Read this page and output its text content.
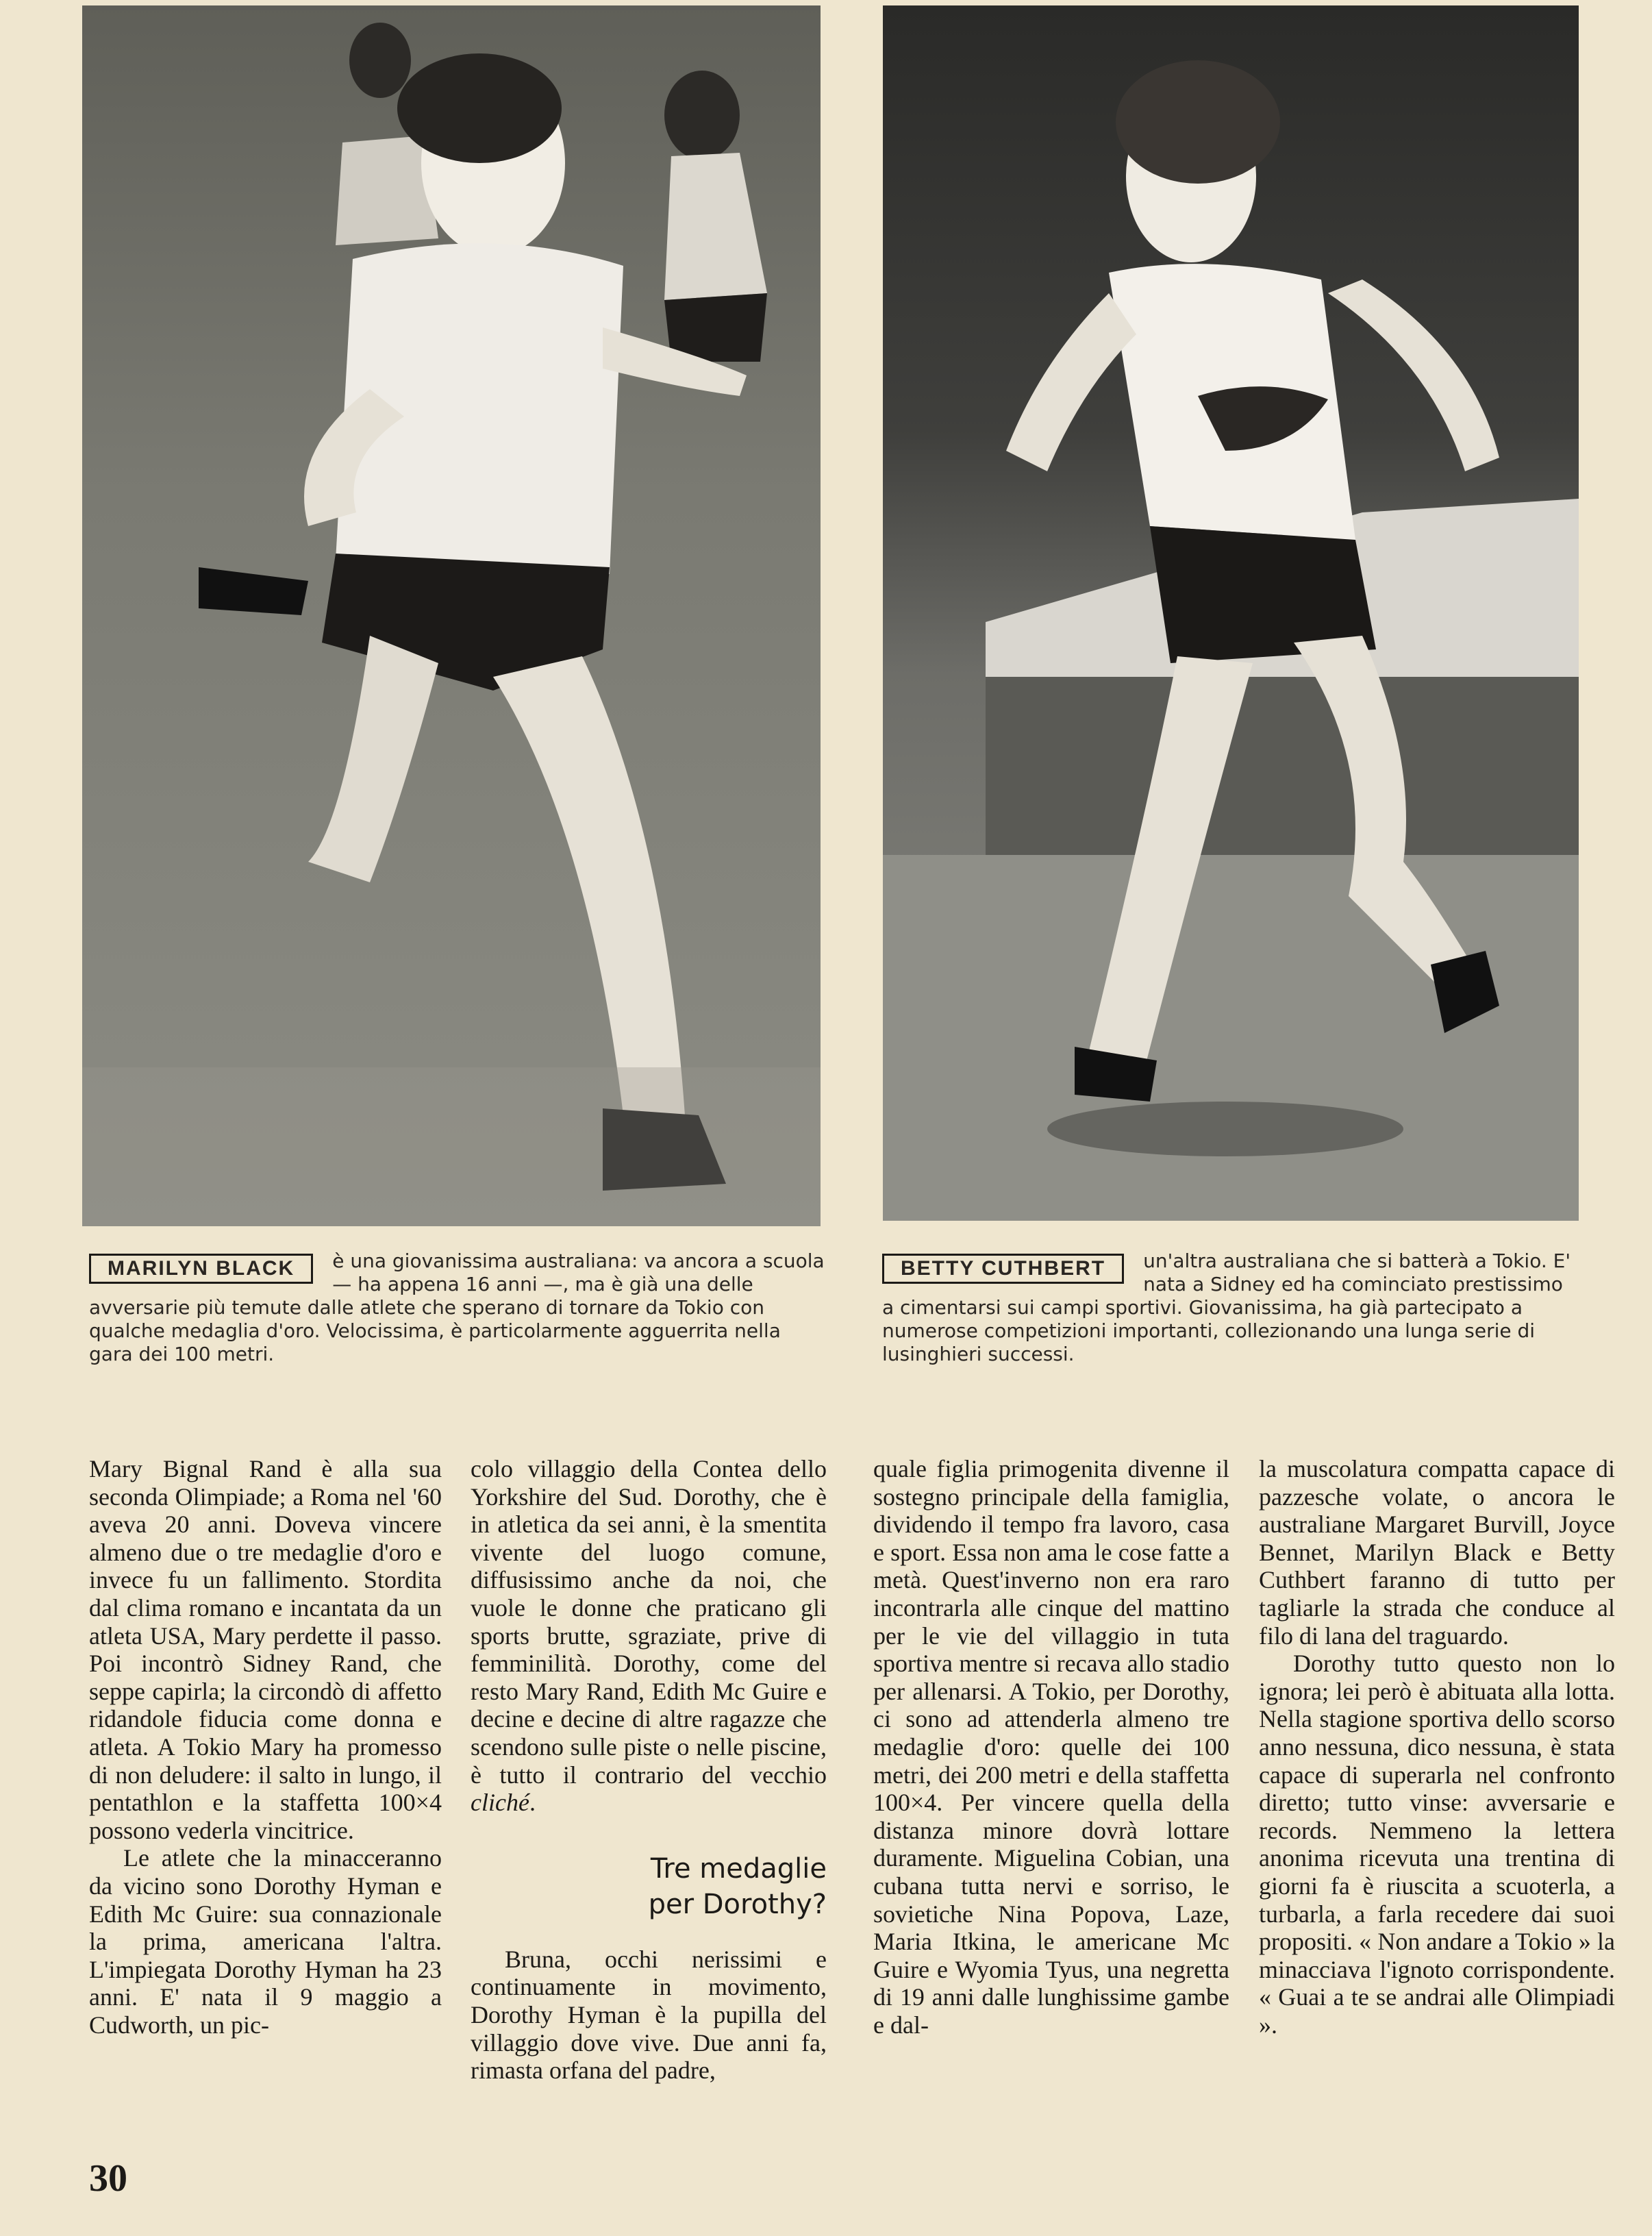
MARILYN BLACK	è una giovanissima australiana: va ancora a scuola — ha appena 16 anni —, ma è già una delle avversarie più temute dalle atlete che sperano di tornare da Tokio con qualche medaglia d'oro. Velocissima, è particolarmente agguerrita nella gara dei 100 metri.
BETTY CUTHBERT	un'altra australiana che si batterà a Tokio. E' nata a Sidney ed ha cominciato prestissimo a cimentarsi sui campi sportivi. Giovanissima, ha già partecipato a numerose competizioni importanti, collezionando una lunga serie di lusinghieri successi.

Mary Bignal Rand è alla sua seconda Olimpiade; a Roma nel '60 aveva 20 anni. Doveva vincere almeno due o tre medaglie d'oro e invece fu un fallimento. Stordita dal clima romano e incantata da un atleta USA, Mary perdette il passo. Poi incontrò Sidney Rand, che seppe capirla; la circondò di affetto ridandole fiducia come donna e atleta. A Tokio Mary ha promesso di non deludere: il salto in lungo, il pentathlon e la staffetta 100×4 possono vederla vincitrice.

Le atlete che la minacceranno da vicino sono Dorothy Hyman e Edith Mc Guire: sua connazionale la prima, americana l'altra. L'impiegata Dorothy Hyman ha 23 anni. E' nata il 9 maggio a Cudworth, un pic-

colo villaggio della Contea dello Yorkshire del Sud. Dorothy, che è in atletica da sei anni, è la smentita vivente del luogo comune, diffusissimo anche da noi, che vuole le donne che praticano gli sports brutte, sgraziate, prive di femminilità. Dorothy, come del resto Mary Rand, Edith Mc Guire e decine e decine di altre ragazze che scendono sulle piste o nelle piscine, è tutto il contrario del vecchio cliché.

Tre medaglie
per Dorothy?

Bruna, occhi nerissimi e continuamente in movimento, Dorothy Hyman è la pupilla del villaggio dove vive. Due anni fa, rimasta orfana del padre,

quale figlia primogenita divenne il sostegno principale della famiglia, dividendo il tempo fra lavoro, casa e sport. Essa non ama le cose fatte a metà. Quest'inverno non era raro incontrarla alle cinque del mattino per le vie del villaggio in tuta sportiva mentre si recava allo stadio per allenarsi. A Tokio, per Dorothy, ci sono ad attenderla almeno tre medaglie d'oro: quelle dei 100 metri, dei 200 metri e della staffetta 100×4. Per vincere quella della distanza minore dovrà lottare duramente. Miguelina Cobian, una cubana tutta nervi e sorriso, le sovietiche Nina Popova, Laze, Maria Itkina, le americane Mc Guire e Wyomia Tyus, una negretta di 19 anni dalle lunghissime gambe e dal-

la muscolatura compatta capace di pazzesche volate, o ancora le australiane Margaret Burvill, Joyce Bennet, Marilyn Black e Betty Cuthbert faranno di tutto per tagliarle la strada che conduce al filo di lana del traguardo.

Dorothy tutto questo non lo ignora; lei però è abituata alla lotta. Nella stagione sportiva dello scorso anno nessuna, dico nessuna, è stata capace di superarla nel confronto diretto; tutto vinse: avversarie e records. Nemmeno la lettera anonima ricevuta una trentina di giorni fa è riuscita a scuoterla, a turbarla, a farla recedere dai suoi propositi. « Non andare a Tokio » la minacciava l'ignoto corrispondente. « Guai a te se andrai alle Olimpiadi ».

30
